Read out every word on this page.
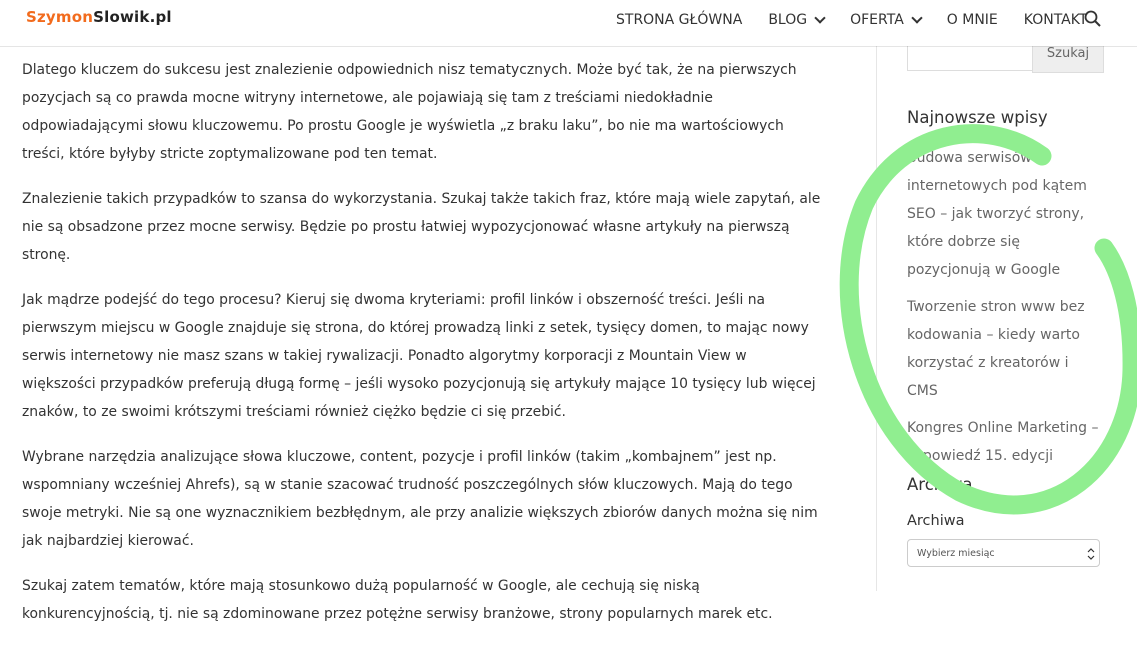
SzymonSlowik.pl	STRONA GŁÓWNA BLOG	OFERTA	O MNIE KONTAKT

Dlatego kluczem do sukcesu jest znalezienie odpowiednich nisz tematycznych. Może być tak, że na pierwszych pozycjach są co prawda mocne witryny internetowe, ale pojawiają się tam z treściami niedokładnie odpowiadającymi słowu kluczowemu. Po prostu Google je wyświetla „z braku laku”, bo nie ma wartościowych treści, które byłyby stricte zoptymalizowane pod ten temat.

Znalezienie takich przypadków to szansa do wykorzystania. Szukaj także takich fraz, które mają wiele zapytań, ale nie są obsadzone przez mocne serwisy. Będzie po prostu łatwiej wypozycjonować własne artykuły na pierwszą stronę.

Jak mądrze podejść do tego procesu? Kieruj się dwoma kryteriami: profil linków i obszerność treści. Jeśli na pierwszym miejscu w Google znajduje się strona, do której prowadzą linki z setek, tysięcy domen, to mając nowy serwis internetowy nie masz szans w takiej rywalizacji. Ponadto algorytmy korporacji z Mountain View w większości przypadków preferują długą formę – jeśli wysoko pozycjonują się artykuły mające 10 tysięcy lub więcej znaków, to ze swoimi krótszymi treściami również ciężko będzie ci się przebić.

Wybrane narzędzia analizujące słowa kluczowe, content, pozycje i profil linków (takim „kombajnem” jest np. wspomniany wcześniej Ahrefs), są w stanie szacować trudność poszczególnych słów kluczowych. Mają do tego swoje metryki. Nie są one wyznacznikiem bezbłędnym, ale przy analizie większych zbiorów danych można się nim jak najbardziej kierować.

Szukaj zatem tematów, które mają stosunkowo dużą popularność w Google, ale cechują się niską konkurencyjnością, tj. nie są zdominowane przez potężne serwisy branżowe, strony popularnych marek etc.

Szukaj
Najnowsze wpisy
Budowa serwisów internetowych pod kątem SEO – jak tworzyć strony, które dobrze się pozycjonują w Google
Tworzenie stron www bez kodowania – kiedy warto korzystać z kreatorów i CMS
Kongres Online Marketing – zapowiedź 15. edycji
Archiwa
Archiwa
Wybierz miesiąc
